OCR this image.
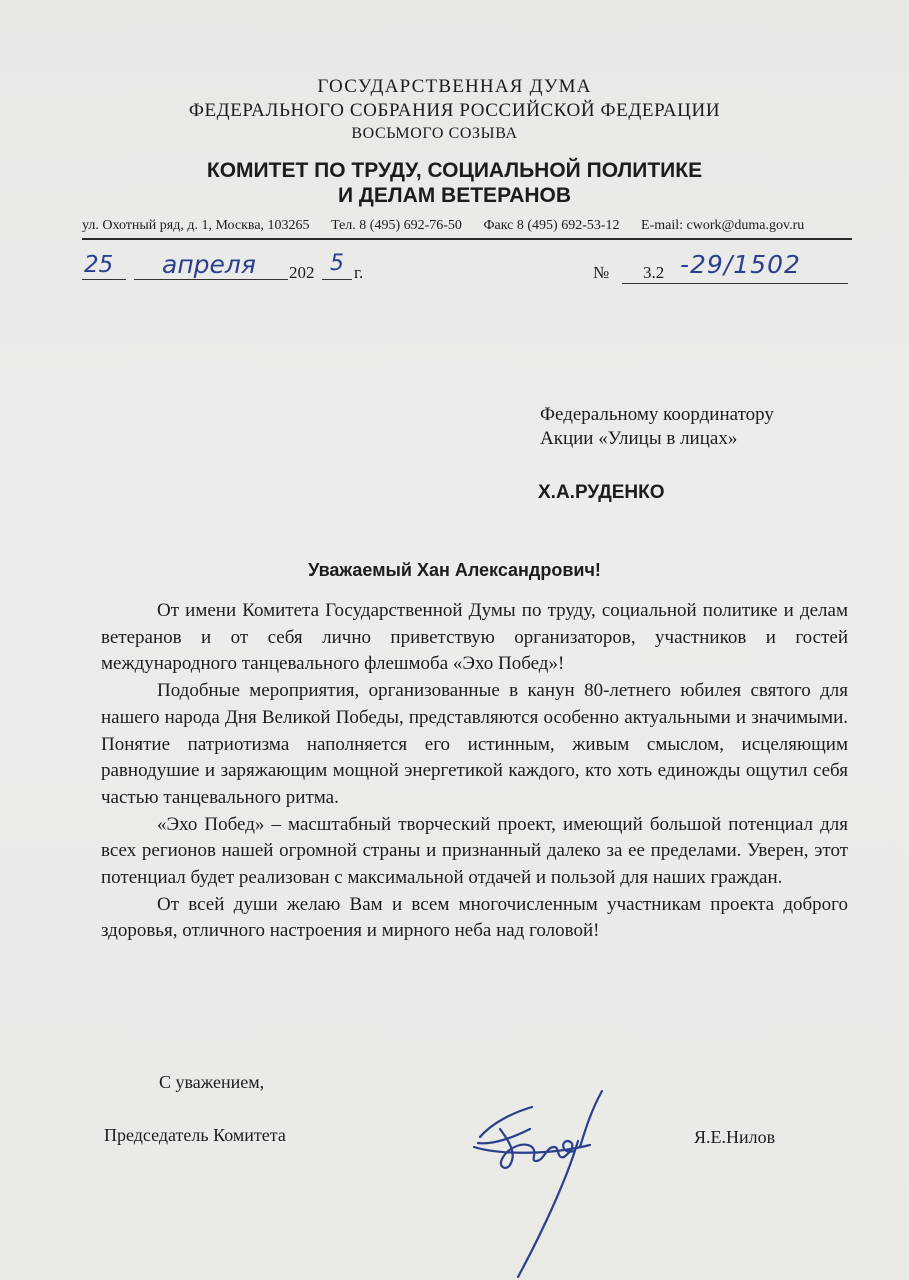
ГОСУДАРСТВЕННАЯ ДУМА
ФЕДЕРАЛЬНОГО СОБРАНИЯ РОССИЙСКОЙ ФЕДЕРАЦИИ
ВОСЬМОГО СОЗЫВА
КОМИТЕТ ПО ТРУДУ, СОЦИАЛЬНОЙ ПОЛИТИКЕ
И ДЕЛАМ ВЕТЕРАНОВ
ул. Охотный ряд, д. 1, Москва, 103265 Тел. 8 (495) 692-76-50 Факс 8 (495) 692-53-12 E-mail: cwork@duma.gov.ru
25 апреля 202 5 г.	№ 3.2 -29/1502
Федеральному координатору
Акции «Улицы в лицах»
Х.А.РУДЕНКО
Уважаемый Хан Александрович!

От имени Комитета Государственной Думы по труду, социальной политике и делам ветеранов и от себя лично приветствую организаторов, участников и гостей международного танцевального флешмоба «Эхо Побед»!

Подобные мероприятия, организованные в канун 80-летнего юбилея святого для нашего народа Дня Великой Победы, представляются особенно актуальными и значимыми. Понятие патриотизма наполняется его истинным, живым смыслом, исцеляющим равнодушие и заряжающим мощной энергетикой каждого, кто хоть единожды ощутил себя частью танцевального ритма.

«Эхо Побед» – масштабный творческий проект, имеющий большой потенциал для всех регионов нашей огромной страны и признанный далеко за ее пределами. Уверен, этот потенциал будет реализован с максимальной отдачей и пользой для наших граждан.

От всей души желаю Вам и всем многочисленным участникам проекта доброго здоровья, отличного настроения и мирного неба над головой!

С уважением,
Председатель Комитета	Я.Е.Нилов
